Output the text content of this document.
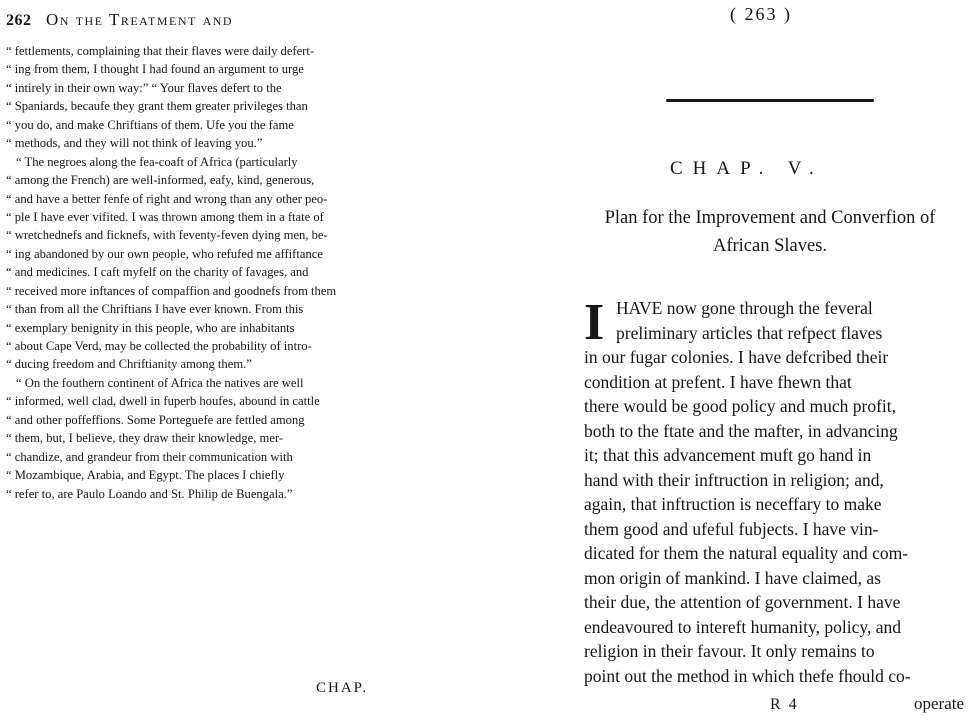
262 On the Treatment and
“ fettlements, complaining that their flaves were daily defert-
“ ing from them, I thought I had found an argument to urge
“ intirely in their own way:” “ Your flaves defert to the
“ Spaniards, becaufe they grant them greater privileges than
“ you do, and make Chriftians of them. Ufe you the fame
“ methods, and they will not think of leaving you.”
“ The negroes along the fea-coaft of Africa (particularly
“ among the French) are well-informed, eafy, kind, generous,
“ and have a better fenfe of right and wrong than any other peo-
“ ple I have ever vifited. I was thrown among them in a ftate of
“ wretchednefs and ficknefs, with feventy-feven dying men, be-
“ ing abandoned by our own people, who refufed me affiftance
“ and medicines. I caft myfelf on the charity of favages, and
“ received more inftances of compaffion and goodnefs from them
“ than from all the Chriftians I have ever known. From this
“ exemplary benignity in this people, who are inhabitants
“ about Cape Verd, may be collected the probability of intro-
“ ducing freedom and Chriftianity among them.”
“ On the fouthern continent of Africa the natives are well
“ informed, well clad, dwell in fuperb houfes, abound in cattle
“ and other poffeffions. Some Porteguefe are fettled among
“ them, but, I believe, they draw their knowledge, mer-
“ chandize, and grandeur from their communication with
“ Mozambique, Arabia, and Egypt. The places I chiefly
“ refer to, are Paulo Loando and St. Philip de Buengala.”
CHAP.
( 263 )
CHAP. V.
Plan for the Improvement and Converfion of African Slaves.
I HAVE now gone through the feveral
preliminary articles that refpect flaves
in our fugar colonies. I have defcribed their
condition at prefent. I have fhewn that
there would be good policy and much profit,
both to the ftate and the mafter, in advancing
it; that this advancement muft go hand in
hand with their inftruction in religion; and,
again, that inftruction is neceffary to make
them good and ufeful fubjects. I have vin-
dicated for them the natural equality and com-
mon origin of mankind. I have claimed, as
their due, the attention of government. I have
endeavoured to intereft humanity, policy, and
religion in their favour. It only remains to
point out the method in which thefe fhould co-
R 4	operate
